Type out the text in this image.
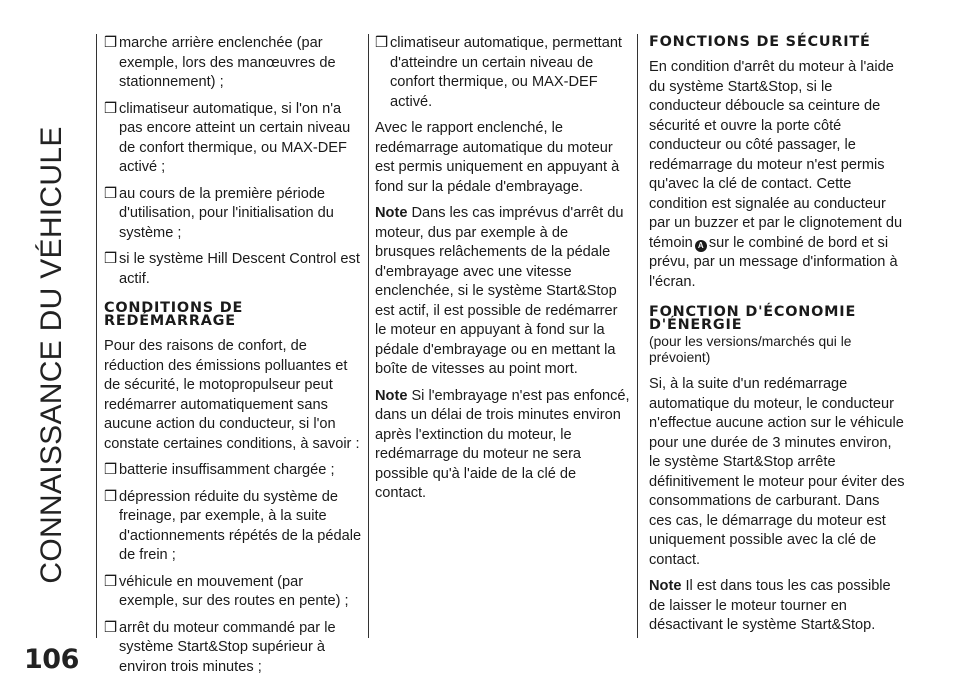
CONNAISSANCE DU VÉHICULE
106
❒ marche arrière enclenchée (par exemple, lors des manœuvres de stationnement) ;
❒ climatiseur automatique, si l'on n'a pas encore atteint un certain niveau de confort thermique, ou MAX-DEF activé ;
❒ au cours de la première période d'utilisation, pour l'initialisation du système ;
❒ si le système Hill Descent Control est actif.
CONDITIONS DE REDÉMARRAGE

Pour des raisons de confort, de réduction des émissions polluantes et de sécurité, le motopropulseur peut redémarrer automatiquement sans aucune action du conducteur, si l'on constate certaines conditions, à savoir :

❒ batterie insuffisamment chargée ;
❒ dépression réduite du système de freinage, par exemple, à la suite d'actionnements répétés de la pédale de frein ;
❒ véhicule en mouvement (par exemple, sur des routes en pente) ;
❒ arrêt du moteur commandé par le système Start&Stop supérieur à environ trois minutes ;
❒ climatiseur automatique, permettant d'atteindre un certain niveau de confort thermique, ou MAX-DEF activé.

Avec le rapport enclenché, le redémarrage automatique du moteur est permis uniquement en appuyant à fond sur la pédale d'embrayage.

Note Dans les cas imprévus d'arrêt du moteur, dus par exemple à de brusques relâchements de la pédale d'embrayage avec une vitesse enclenchée, si le système Start&Stop est actif, il est possible de redémarrer le moteur en appuyant à fond sur la pédale d'embrayage ou en mettant la boîte de vitesses au point mort.

Note Si l'embrayage n'est pas enfoncé, dans un délai de trois minutes environ après l'extinction du moteur, le redémarrage du moteur ne sera possible qu'à l'aide de la clé de contact.

FONCTIONS DE SÉCURITÉ

En condition d'arrêt du moteur à l'aide du système Start&Stop, si le conducteur déboucle sa ceinture de sécurité et ouvre la porte côté conducteur ou côté passager, le redémarrage du moteur n'est permis qu'avec la clé de contact. Cette condition est signalée au conducteur par un buzzer et par le clignotement du témoin A sur le combiné de bord et si prévu, par un message d'information à l'écran.

FONCTION D'ÉCONOMIE D'ÉNERGIE
(pour les versions/marchés qui le prévoient)

Si, à la suite d'un redémarrage automatique du moteur, le conducteur n'effectue aucune action sur le véhicule pour une durée de 3 minutes environ, le système Start&Stop arrête définitivement le moteur pour éviter des consommations de carburant. Dans ces cas, le démarrage du moteur est uniquement possible avec la clé de contact.

Note Il est dans tous les cas possible de laisser le moteur tourner en désactivant le système Start&Stop.
